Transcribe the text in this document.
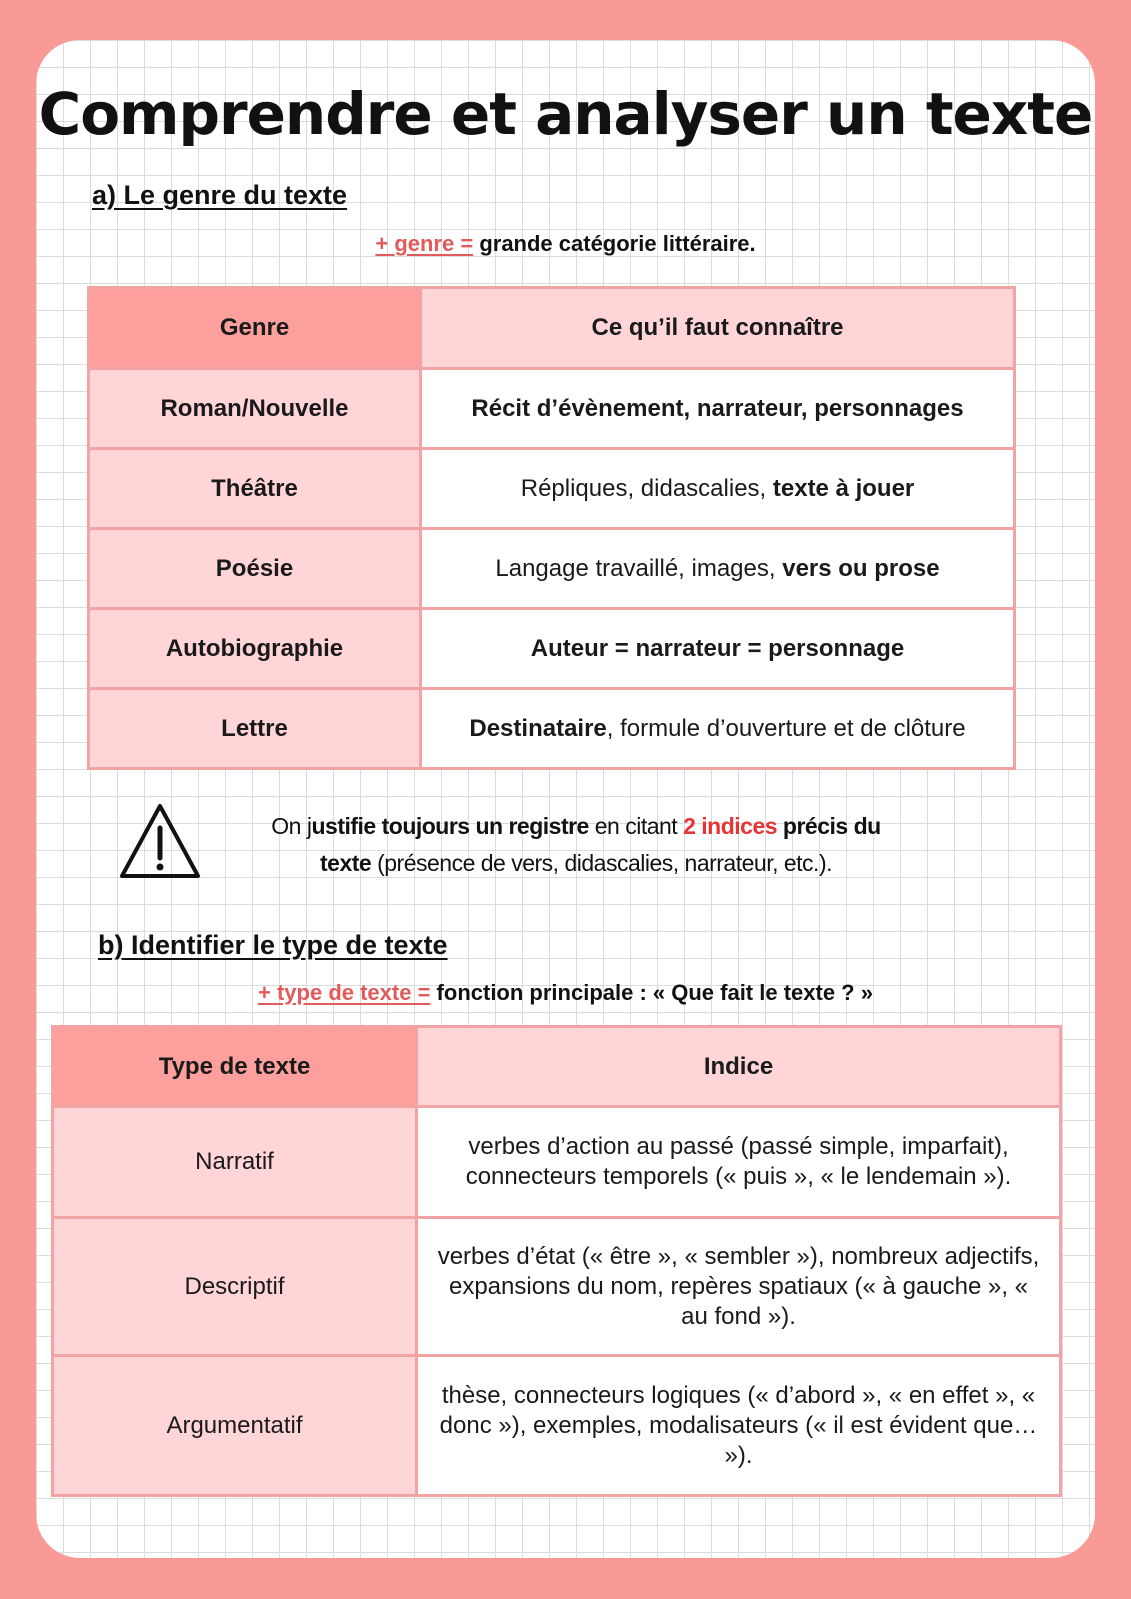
Comprendre et analyser un texte
a) Le genre du texte
+ genre = grande catégorie littéraire.
Genre	Ce qu’il faut connaître
Roman/Nouvelle	Récit d’évènement, narrateur, personnages
Théâtre	Répliques, didascalies, texte à jouer
Poésie	Langage travaillé, images, vers ou prose
Autobiographie	Auteur = narrateur = personnage
Lettre	Destinataire, formule d’ouverture et de clôture
On justifie toujours un registre en citant 2 indices précis du
texte (présence de vers, didascalies, narrateur, etc.).
b) Identifier le type de texte
+ type de texte = fonction principale : « Que fait le texte ? »
Type de texte	Indice
Narratif	verbes d’action au passé (passé simple, imparfait), connecteurs temporels (« puis », « le lendemain »).
Descriptif	verbes d’état (« être », « sembler »), nombreux adjectifs, expansions du nom, repères spatiaux (« à gauche », « au fond »).
Argumentatif	thèse, connecteurs logiques (« d’abord », « en effet », « donc »), exemples, modalisateurs (« il est évident que… »).
